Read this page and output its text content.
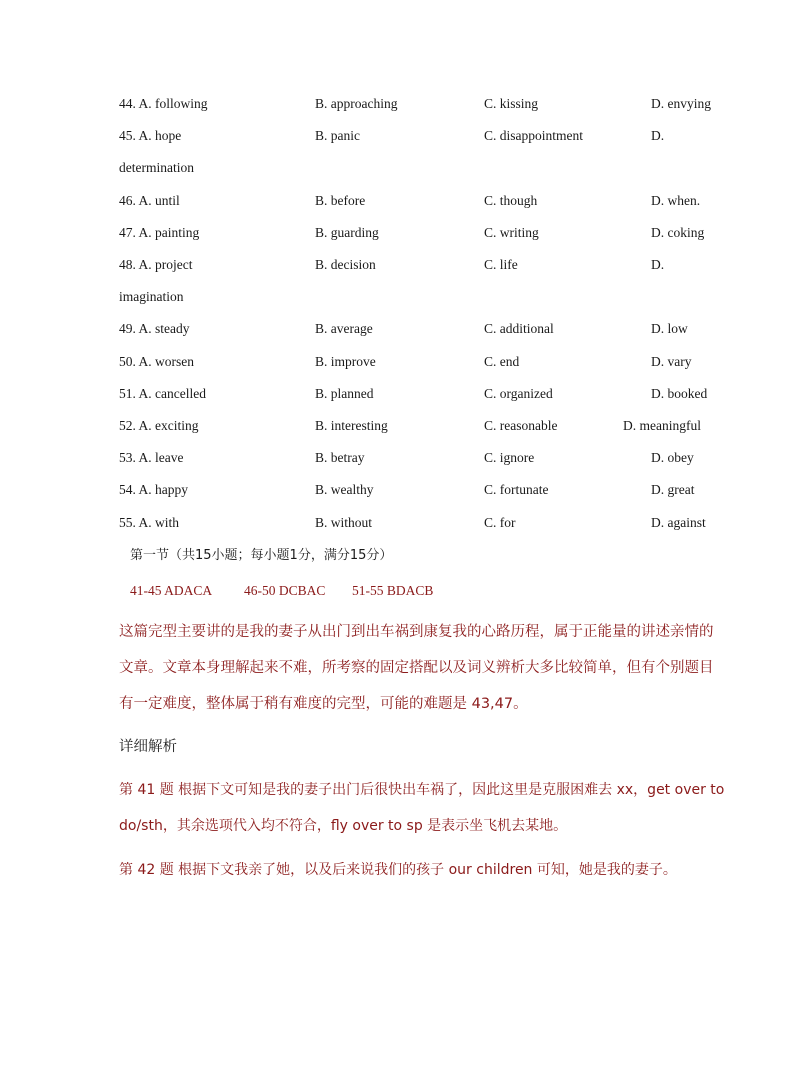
44. A. following	B. approaching	C. kissing	D. envying
45. A. hope	B. panic	C. disappointment	D.
determination
46. A. until	B. before	C. though	D. when.
47. A. painting	B. guarding	C. writing	D. coking
48. A. project	B. decision	C. life	D.
imagination
49. A. steady	B. average	C. additional	D. low
50. A. worsen	B. improve	C. end	D. vary
51. A. cancelled	B. planned	C. organized	D. booked
52. A. exciting	B. interesting	C. reasonable	D. meaningful
53. A. leave	B. betray	C. ignore	D. obey
54. A. happy	B. wealthy	C. fortunate	D. great
55. A. with	B. without	C. for	D. against
第一节（共15小题；每小题1分，满分15分）
41-45 ADACA 46-50 DCBAC 51-55 BDACB
这篇完型主要讲的是我的妻子从出门到出车祸到康复我的心路历程，属于正能量的讲述亲情的文章。文章本身理解起来不难，所考察的固定搭配以及词义辨析大多比较简单，但有个别题目有一定难度，整体属于稍有难度的完型，可能的难题是 43,47。
详细解析
第 41 题 根据下文可知是我的妻子出门后很快出车祸了，因此这里是克服困难去 xx，get over to do/sth，其余选项代入均不符合，fly over to sp 是表示坐飞机去某地。
第 42 题 根据下文我亲了她，以及后来说我们的孩子 our children 可知，她是我的妻子。
